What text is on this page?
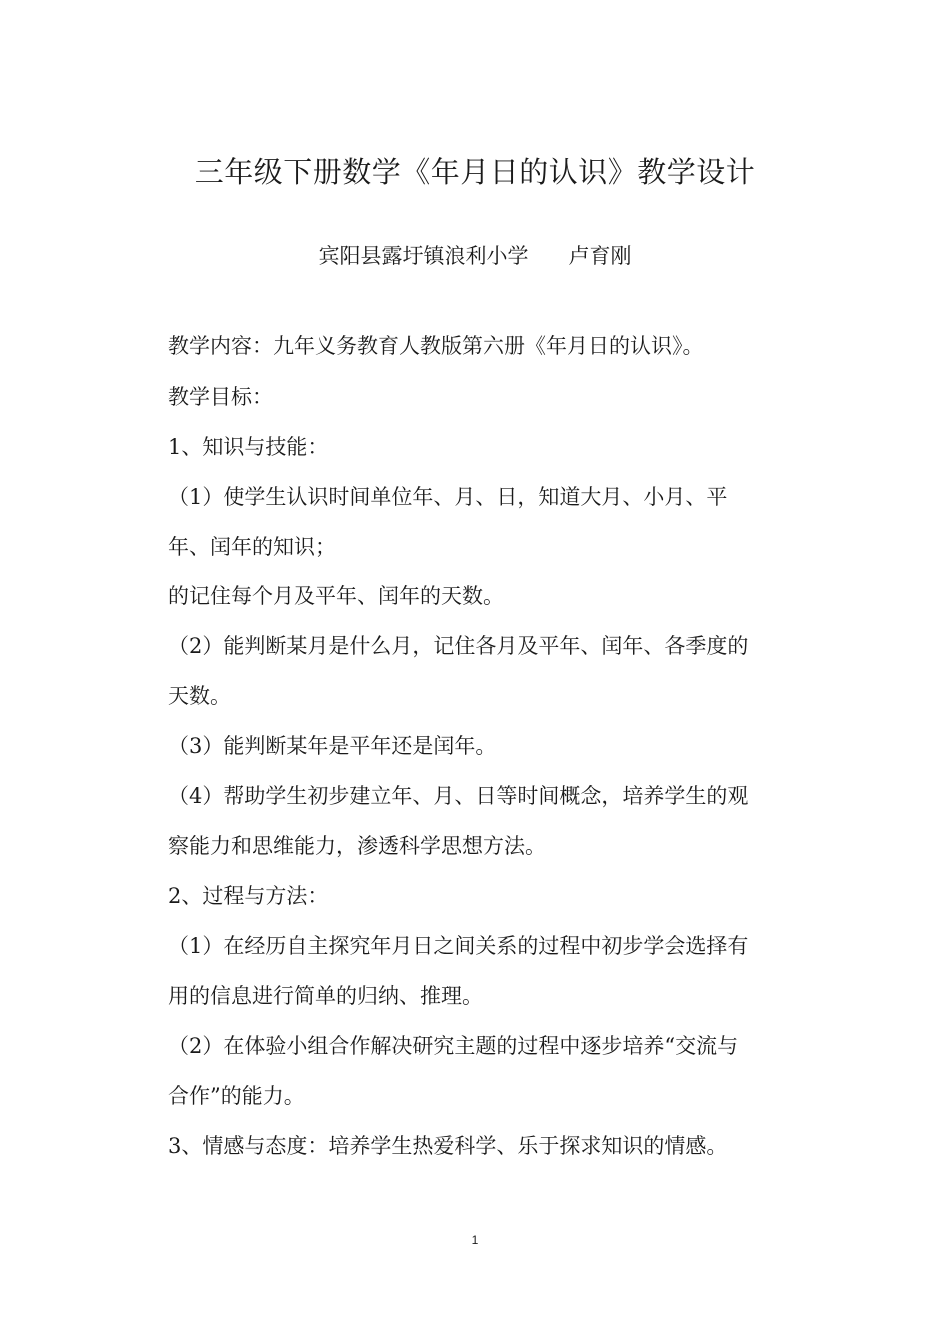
三年级下册数学《年月日的认识》教学设计
宾阳县露圩镇浪利小学      卢育刚
教学内容：九年义务教育人教版第六册《年月日的认识》。
教学目标：
1、知识与技能：
（1）使学生认识时间单位年、月、日，知道大月、小月、平
年、闰年的知识；
的记住每个月及平年、闰年的天数。
（2）能判断某月是什么月，记住各月及平年、闰年、各季度的
天数。
（3）能判断某年是平年还是闰年。
（4）帮助学生初步建立年、月、日等时间概念，培养学生的观
察能力和思维能力，渗透科学思想方法。
2、过程与方法：
（1）在经历自主探究年月日之间关系的过程中初步学会选择有
用的信息进行简单的归纳、推理。
（2）在体验小组合作解决研究主题的过程中逐步培养“交流与
合作”的能力。
3、情感与态度：培养学生热爱科学、乐于探求知识的情感。
1
